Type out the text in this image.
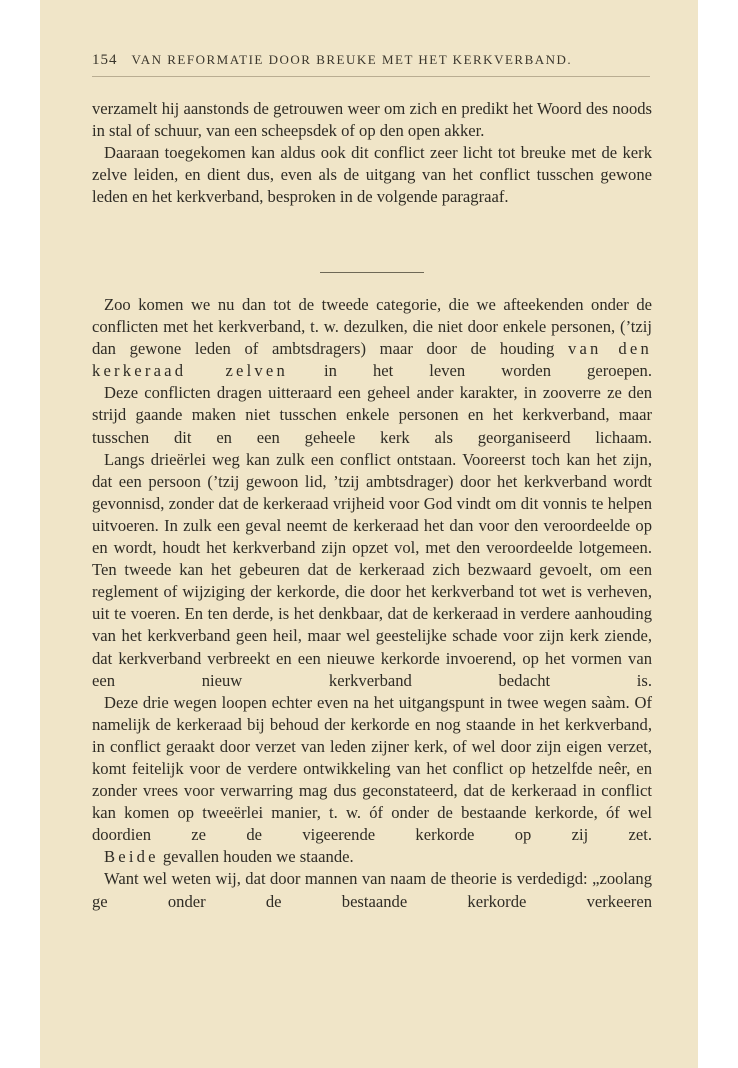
154 VAN REFORMATIE DOOR BREUKE MET HET KERKVERBAND.

verzamelt hij aanstonds de getrouwen weer om zich en predikt het Woord des noods in stal of schuur, van een scheepsdek of op den open akker.

Daaraan toegekomen kan aldus ook dit conflict zeer licht tot breuke met de kerk zelve leiden, en dient dus, even als de uitgang van het conflict tusschen gewone leden en het kerkverband, besproken in de volgende paragraaf.

Zoo komen we nu dan tot de tweede categorie, die we afteekenden onder de conflicten met het kerkverband, t. w. dezulken, die niet door enkele personen, (’tzij dan gewone leden of ambtsdragers) maar door de houding van den kerkeraad zelven in het leven worden geroepen.

Deze conflicten dragen uitteraard een geheel ander karakter, in zooverre ze den strijd gaande maken niet tusschen enkele personen en het kerkverband, maar tusschen dit en een geheele kerk als georganiseerd lichaam.

Langs drieërlei weg kan zulk een conflict ontstaan. Vooreerst toch kan het zijn, dat een persoon (’tzij gewoon lid, ’tzij ambtsdrager) door het kerkverband wordt gevonnisd, zonder dat de kerkeraad vrijheid voor God vindt om dit vonnis te helpen uitvoeren. In zulk een geval neemt de kerkeraad het dan voor den veroordeelde op en wordt, houdt het kerkverband zijn opzet vol, met den veroordeelde lotgemeen. Ten tweede kan het gebeuren dat de kerkeraad zich bezwaard gevoelt, om een reglement of wijziging der kerkorde, die door het kerkverband tot wet is verheven, uit te voeren. En ten derde, is het denkbaar, dat de kerkeraad in verdere aanhouding van het kerkverband geen heil, maar wel geestelijke schade voor zijn kerk ziende, dat kerkverband verbreekt en een nieuwe kerkorde invoerend, op het vormen van een nieuw kerkverband bedacht is.

Deze drie wegen loopen echter even na het uitgangspunt in twee wegen saàm. Of namelijk de kerkeraad bij behoud der kerkorde en nog staande in het kerkverband, in conflict geraakt door verzet van leden zijner kerk, of wel door zijn eigen verzet, komt feitelijk voor de verdere ontwikkeling van het conflict op hetzelfde neêr, en zonder vrees voor verwarring mag dus geconstateerd, dat de kerkeraad in conflict kan komen op tweeërlei manier, t. w. óf onder de bestaande kerkorde, óf wel doordien ze de vigeerende kerkorde op zij zet.

Beide gevallen houden we staande.

Want wel weten wij, dat door mannen van naam de theorie is verdedigd: „zoolang ge onder de bestaande kerkorde verkeeren
